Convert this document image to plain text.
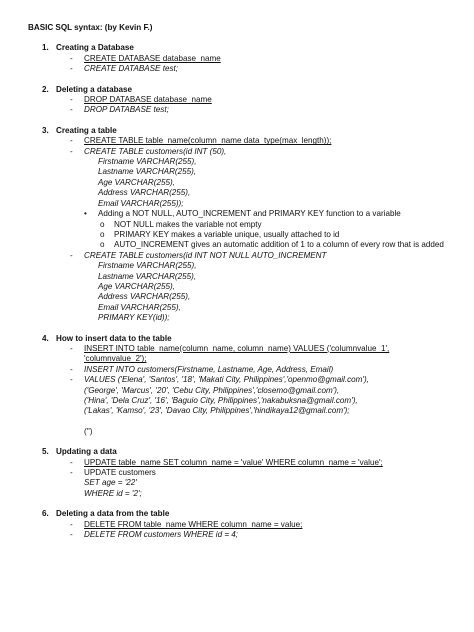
BASIC SQL syntax: (by Kevin F.)
1. Creating a Database
-	CREATE DATABASE database_name
-	CREATE DATABASE test;
2. Deleting a database
-	DROP DATABASE database_name
-	DROP DATABASE test;
3. Creating a table
-	CREATE TABLE table_name(column_name data_type(max_length));
-	CREATE TABLE customers(id INT (50),
Firstname VARCHAR(255),
Lastname VARCHAR(255),
Age VARCHAR(255),
Address VARCHAR(255),
Email VARCHAR(255));
•	Adding a NOT NULL, AUTO_INCREMENT and PRIMARY KEY function to a variable
o	NOT NULL makes the variable not empty
o	PRIMARY KEY makes a variable unique, usually attached to id
o	AUTO_INCREMENT gives an automatic addition of 1 to a column of every row that is added
-	CREATE TABLE customers(id INT NOT NULL AUTO_INCREMENT
Firstname VARCHAR(255),
Lastname VARCHAR(255),
Age VARCHAR(255),
Address VARCHAR(255),
Email VARCHAR(255),
PRIMARY KEY(id));
4. How to insert data to the table
-	INSERT INTO table_name(column_name, column_name) VALUES ('columnvalue_1',
'columnvalue_2');
-	INSERT INTO customers(Firstname, Lastname, Age, Address, Email)
-	VALUES ('Elena', 'Santos', '18', 'Makati City, Philippines','openmo@gmail.com'),
('George', 'Marcus', '20', 'Cebu City, Philippines','closemo@gmail.com'),
('Hina', 'Dela Cruz', '16', 'Baguio City, Philippines','nakabuksna@gmail.com'),
('Lakas', 'Kamso', '23', 'Davao City, Philippines','hindikaya12@gmail.com');
('')
5. Updating a data
-	UPDATE table_name SET column_name = 'value' WHERE column_name = 'value';
-	UPDATE customers
SET age = '22'
WHERE id = '2';
6. Deleting a data from the table
-	DELETE FROM table_name WHERE column_name = value;
-	DELETE FROM customers WHERE id = 4;
